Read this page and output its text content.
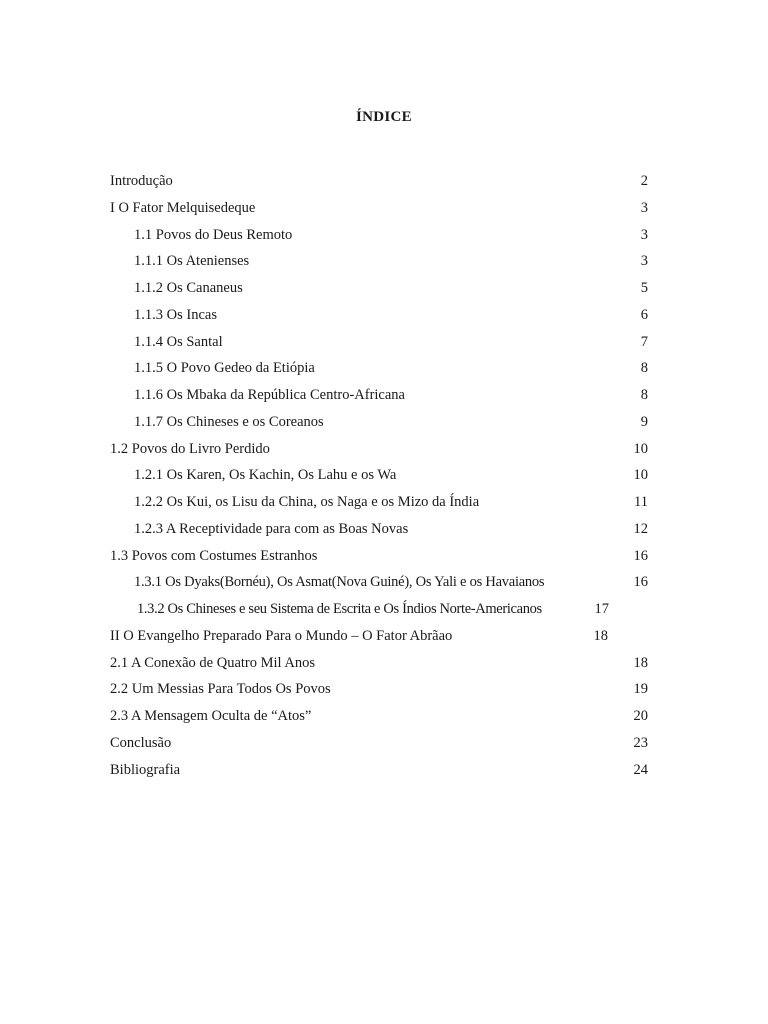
ÍNDICE
Introdução	2
I O Fator Melquisedeque	3
1.1 Povos do Deus Remoto	3
1.1.1 Os Atenienses	3
1.1.2 Os Cananeus	5
1.1.3 Os Incas	6
1.1.4 Os Santal	7
1.1.5 O Povo Gedeo da Etiópia	8
1.1.6 Os Mbaka da República Centro-Africana	8
1.1.7 Os Chineses e os Coreanos	9
1.2 Povos do Livro Perdido	10
1.2.1 Os Karen, Os Kachin, Os Lahu e os Wa	10
1.2.2 Os Kui, os Lisu da China, os Naga e os Mizo da Índia	11
1.2.3 A Receptividade para com as Boas Novas	12
1.3 Povos com Costumes Estranhos	16
1.3.1 Os Dyaks(Bornéu), Os Asmat(Nova Guiné), Os Yali e os Havaianos	16
1.3.2 Os Chineses e seu Sistema de Escrita e Os Índios Norte-Americanos	17
II O Evangelho Preparado Para o Mundo – O Fator Abrãao	18
2.1 A Conexão de Quatro Mil Anos	18
2.2 Um Messias Para Todos Os Povos	19
2.3 A Mensagem Oculta de “Atos”	20
Conclusão	23
Bibliografia	24
